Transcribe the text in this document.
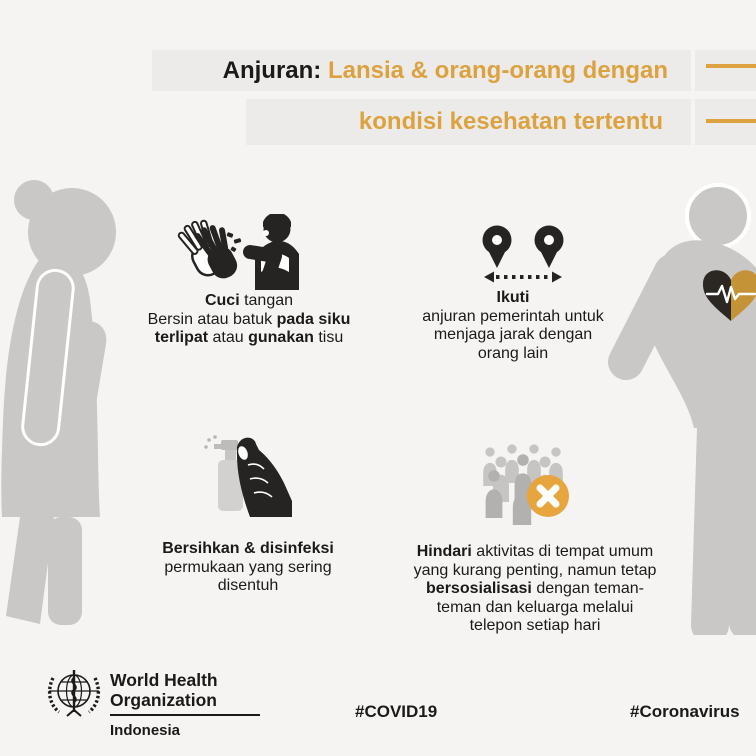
Anjuran: Lansia & orang-orang dengan
kondisi kesehatan tertentu
Cuci tangan
Bersin atau batuk pada siku
terlipat atau gunakan tisu
Ikuti
anjuran pemerintah untuk
menjaga jarak dengan
orang lain
Bersihkan & disinfeksi
permukaan yang sering
disentuh
Hindari aktivitas di tempat umum
yang kurang penting, namun tetap
bersosialisasi dengan teman-
teman dan keluarga melalui
telepon setiap hari
World Health
Organization
Indonesia
#COVID19	#Coronavirus
